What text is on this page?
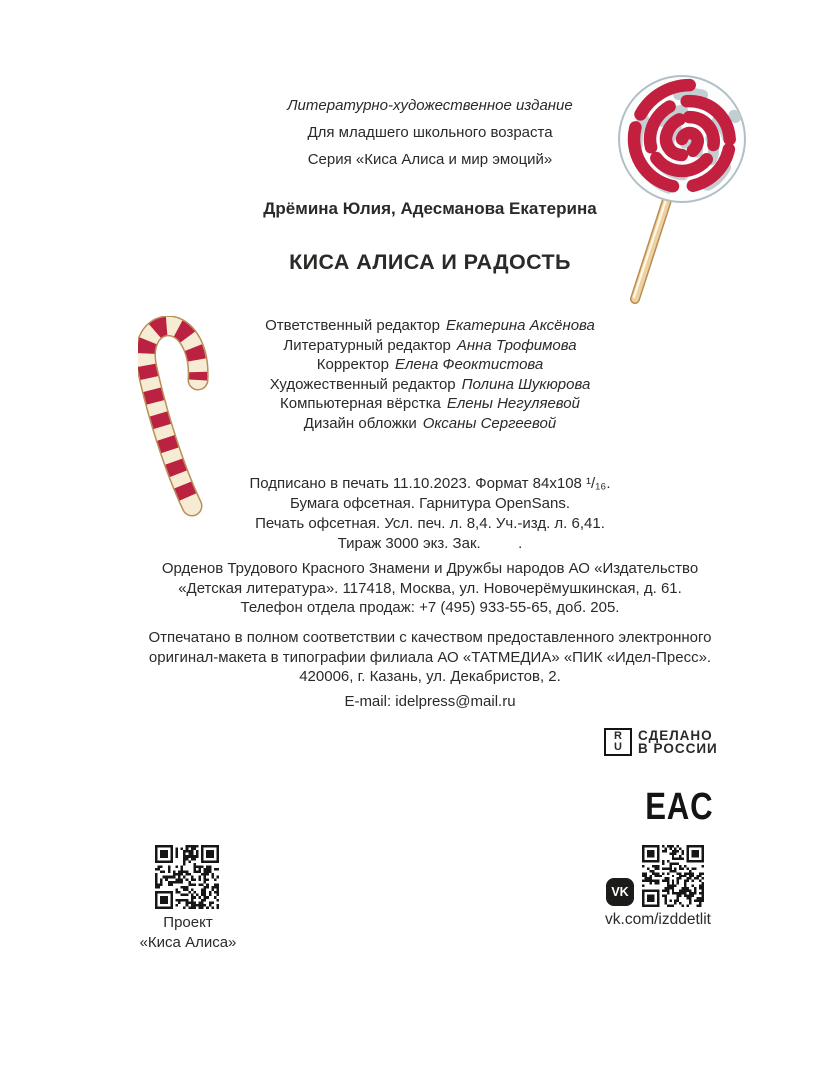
Литературно-художественное издание
Для младшего школьного возраста
Серия «Киса Алиса и мир эмоций»
Дрёмина Юлия, Адесманова Екатерина
КИСА АЛИСА И РАДОСТЬ
Ответственный редактор Екатерина Аксёнова
Литературный редактор Анна Трофимова
Корректор Елена Феоктистова
Художественный редактор Полина Шукюрова
Компьютерная вёрстка Елены Негуляевой
Дизайн обложки Оксаны Сергеевой
Подписано в печать 11.10.2023. Формат 84х108 ¹/₁₆.
Бумага офсетная. Гарнитура OpenSans.
Печать офсетная. Усл. печ. л. 8,4. Уч.-изд. л. 6,41.
Тираж 3000 экз. Зак.         .
Орденов Трудового Красного Знамени и Дружбы народов АО «Издательство «Детская литература». 117418, Москва, ул. Новочерёмушкинская, д. 61.
Телефон отдела продаж: +7 (495) 933-55-65, доб. 205.
Отпечатано в полном соответствии с качеством предоставленного электронного оригинал-макета в типографии филиала АО «ТАТМЕДИА» «ПИК «Идел-Пресс».
420006, г. Казань, ул. Декабристов, 2.
E-mail: idelpress@mail.ru
R
U
СДЕЛАНО
В РОССИИ
EAC
Проект
«Киса Алиса»
VK
vk.com/izddetlit
